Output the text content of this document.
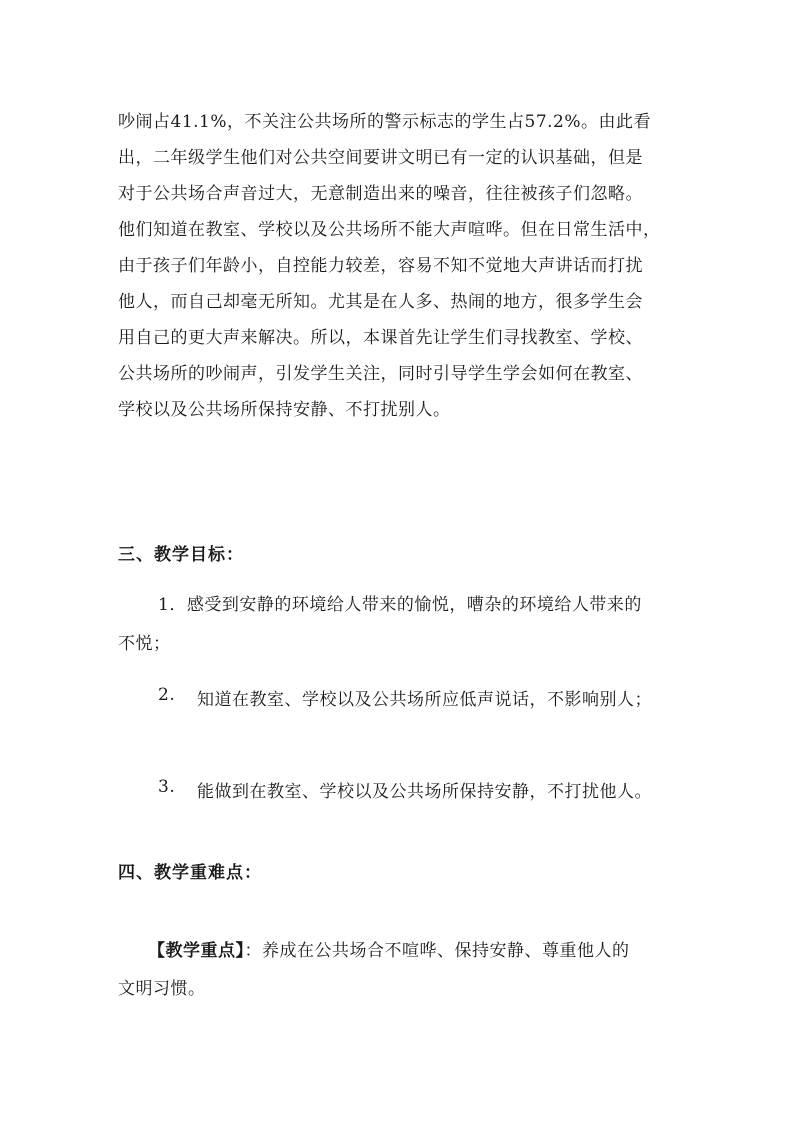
吵闹占41.1%，不关注公共场所的警示标志的学生占57.2%。由此看
出，二年级学生他们对公共空间要讲文明已有一定的认识基础，但是
对于公共场合声音过大，无意制造出来的噪音，往往被孩子们忽略。
他们知道在教室、学校以及公共场所不能大声喧哗。但在日常生活中，
由于孩子们年龄小，自控能力较差，容易不知不觉地大声讲话而打扰
他人，而自己却毫无所知。尤其是在人多、热闹的地方，很多学生会
用自己的更大声来解决。所以，本课首先让学生们寻找教室、学校、
公共场所的吵闹声，引发学生关注，同时引导学生学会如何在教室、
学校以及公共场所保持安静、不打扰别人。
三、教学目标：
1．感受到安静的环境给人带来的愉悦，嘈杂的环境给人带来的
不悦；
2. 知道在教室、学校以及公共场所应低声说话，不影响别人；
3. 能做到在教室、学校以及公共场所保持安静，不打扰他人。
四、教学重难点：
【教学重点】：养成在公共场合不喧哗、保持安静、尊重他人的
文明习惯。
